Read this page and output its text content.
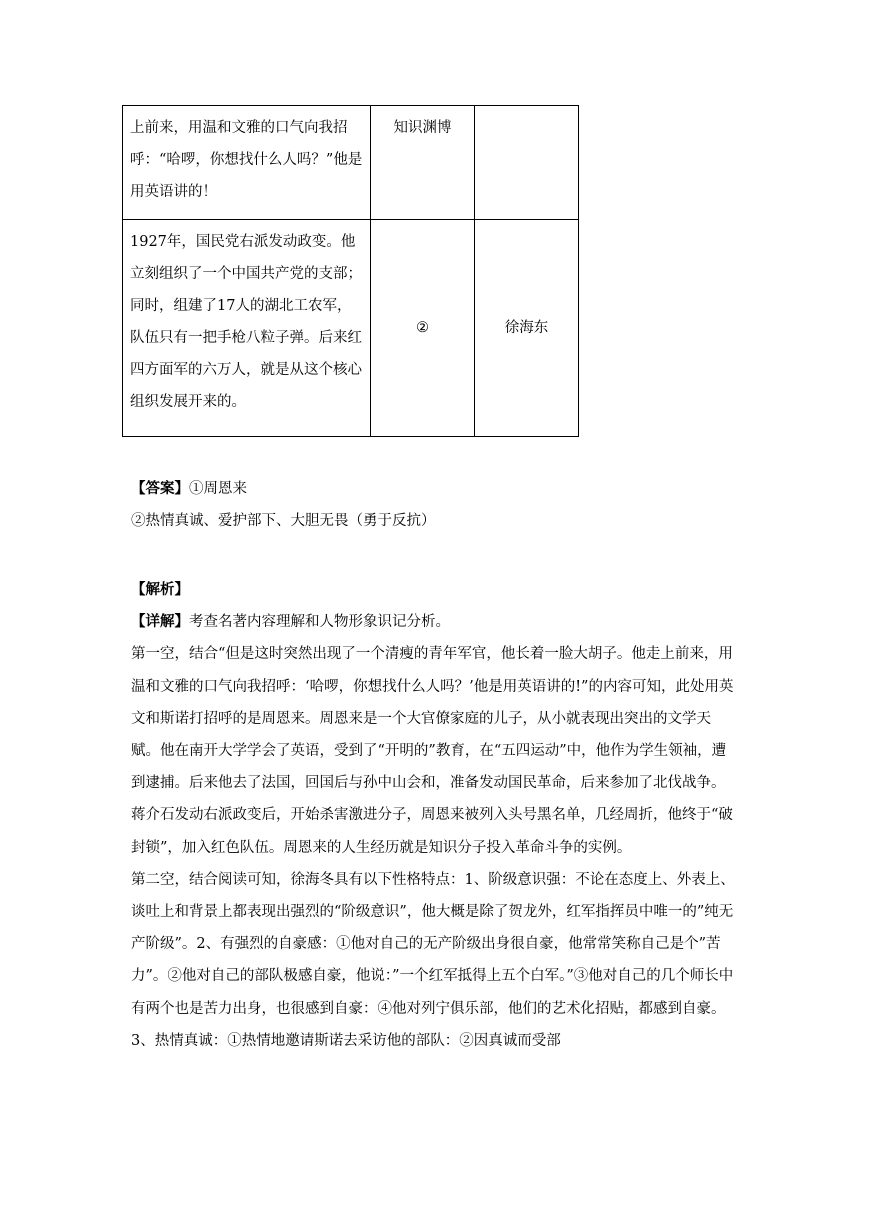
上前来，用温和文雅的口气向我招呼：“哈啰，你想找什么人吗？”他是用英语讲的！	知识渊博	
1927年，国民党右派发动政变。他立刻组织了一个中国共产党的支部；同时，组建了17人的湖北工农军，队伍只有一把手枪八粒子弹。后来红四方面军的六万人，就是从这个核心组织发展开来的。	②	徐海东
【答案】①周恩来
②热情真诚、爱护部下、大胆无畏（勇于反抗）
【解析】
【详解】考查名著内容理解和人物形象识记分析。
第一空，结合“但是这时突然出现了一个清瘦的青年军官，他长着一脸大胡子。他走上前来，用温和文雅的口气向我招呼：‘哈啰，你想找什么人吗？’他是用英语讲的!”的内容可知，此处用英文和斯诺打招呼的是周恩来。周恩来是一个大官僚家庭的儿子，从小就表现出突出的文学天赋。他在南开大学学会了英语，受到了“开明的”教育，在“五四运动”中，他作为学生领袖，遭到逮捕。后来他去了法国，回国后与孙中山会和，准备发动国民革命，后来参加了北伐战争。蒋介石发动右派政变后，开始杀害激进分子，周恩来被列入头号黑名单，几经周折，他终于“破封锁”，加入红色队伍。周恩来的人生经历就是知识分子投入革命斗争的实例。
第二空，结合阅读可知，徐海冬具有以下性格特点：1、阶级意识强：不论在态度上、外表上、谈吐上和背景上都表现出强烈的“阶级意识”，他大概是除了贺龙外，红军指挥员中唯一的”纯无产阶级”。2、有强烈的自豪感：①他对自己的无产阶级出身很自豪，他常常笑称自己是个”苦力”。②他对自己的部队极感自豪，他说：”一个红军抵得上五个白军。”③他对自己的几个师长中有两个也是苦力出身，也很感到自豪：④他对列宁俱乐部，他们的艺术化招贴，都感到自豪。3、热情真诚：①热情地邀请斯诺去采访他的部队：②因真诚而受部
